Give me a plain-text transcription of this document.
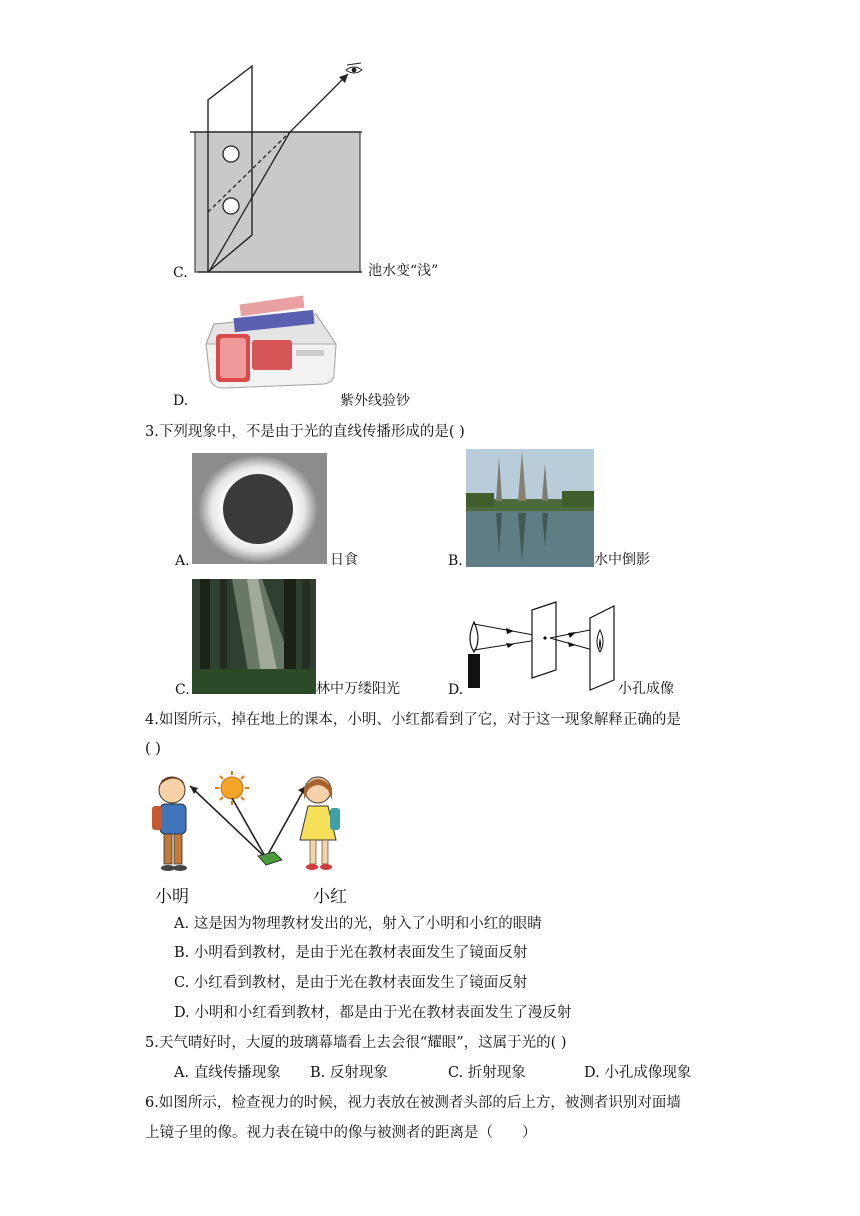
C.	池水变“浅”
D.	紫外线验钞
3.下列现象中，不是由于光的直线传播形成的是( )
A.	日食	B.	水中倒影
C.	林中万缕阳光	D.	小孔成像
4.如图所示，掉在地上的课本，小明、小红都看到了它，对于这一现象解释正确的是
( )
小明	小红
A. 这是因为物理教材发出的光，射入了小明和小红的眼睛
B. 小明看到教材，是由于光在教材表面发生了镜面反射
C. 小红看到教材，是由于光在教材表面发生了镜面反射
D. 小明和小红看到教材，都是由于光在教材表面发生了漫反射
5.天气晴好时，大厦的玻璃幕墙看上去会很“耀眼”，这属于光的( )
A. 直线传播现象 B. 反射现象	C. 折射现象	D. 小孔成像现象
6.如图所示，检查视力的时候，视力表放在被测者头部的后上方，被测者识别对面墙
上镜子里的像。视力表在镜中的像与被测者的距离是（　　）
